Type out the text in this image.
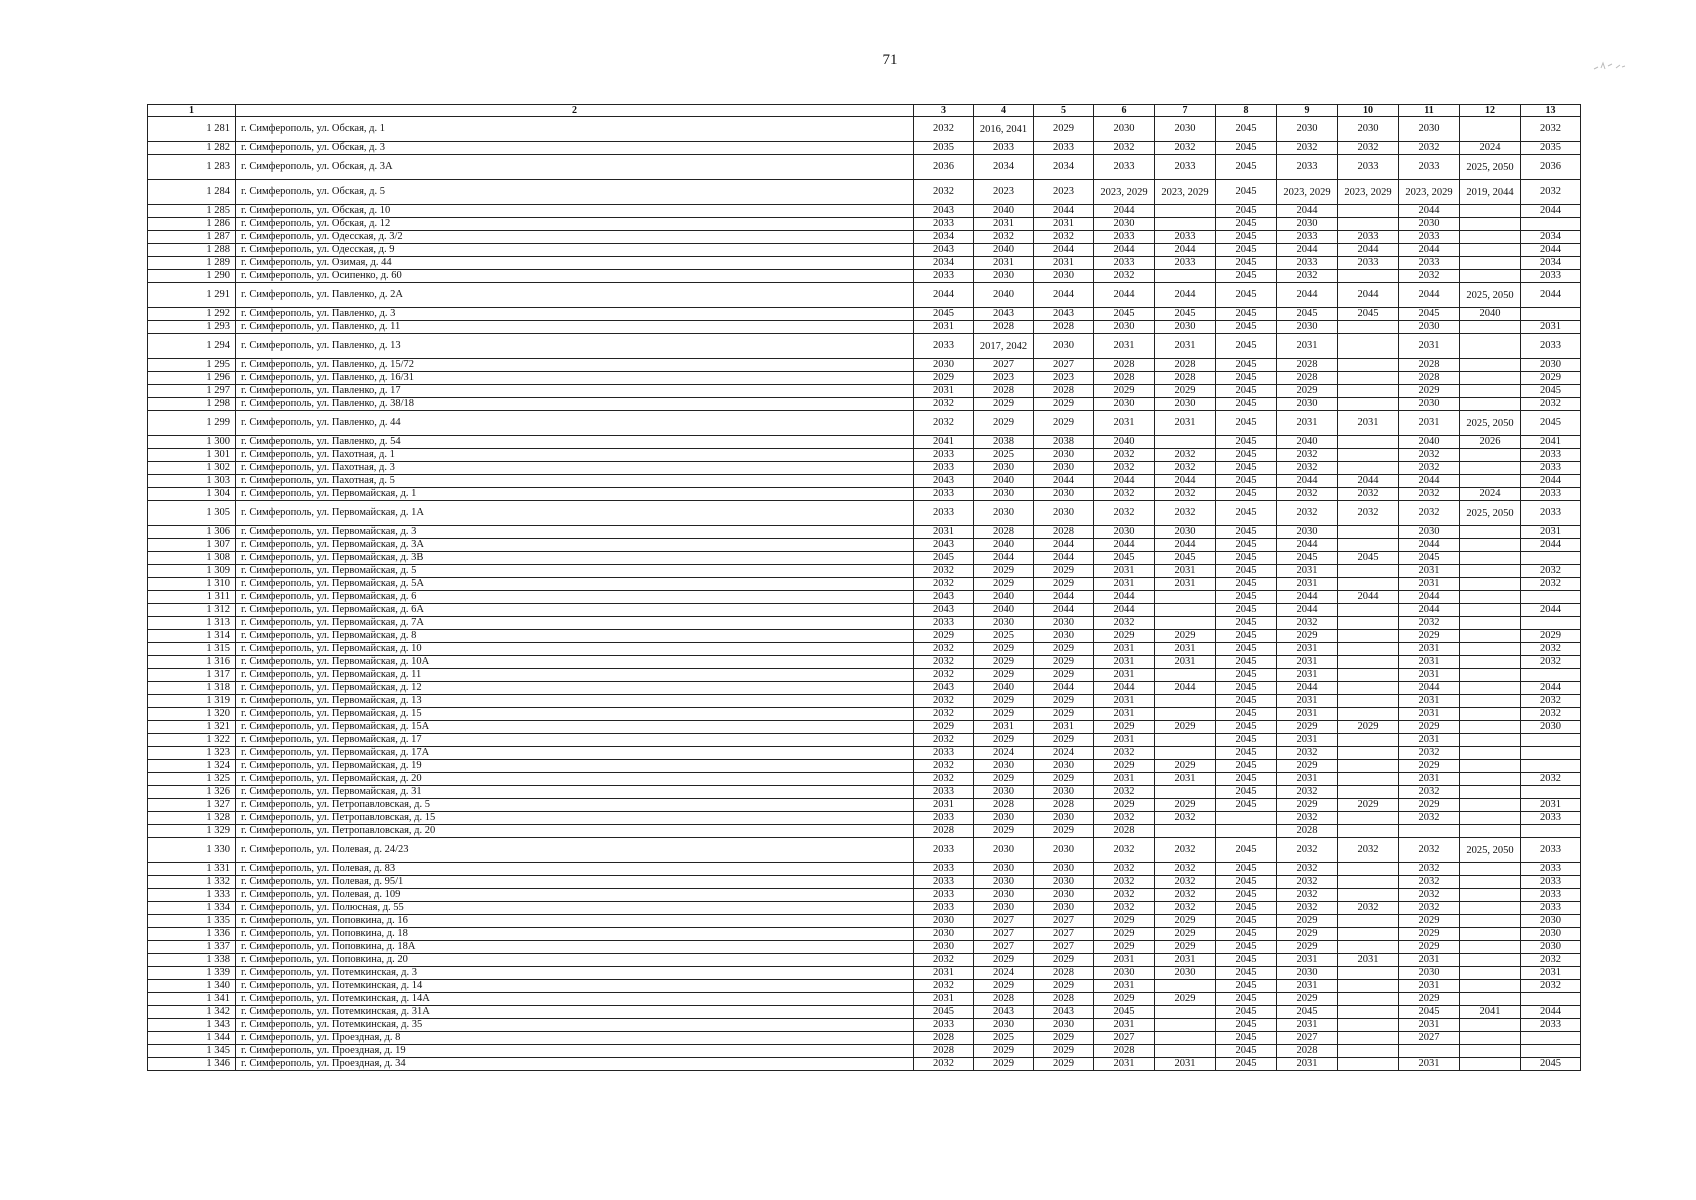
71
1	2	3	4	5	6	7	8	9	10	11	12	13
1 281	г. Симферополь, ул. Обская, д. 1	2032	2016, 2041	2029	2030	2030	2045	2030	2030	2030		2032
1 282	г. Симферополь, ул. Обская, д. 3	2035	2033	2033	2032	2032	2045	2032	2032	2032	2024	2035
1 283	г. Симферополь, ул. Обская, д. 3А	2036	2034	2034	2033	2033	2045	2033	2033	2033	2025, 2050	2036
1 284	г. Симферополь, ул. Обская, д. 5	2032	2023	2023	2023, 2029	2023, 2029	2045	2023, 2029	2023, 2029	2023, 2029	2019, 2044	2032
1 285	г. Симферополь, ул. Обская, д. 10	2043	2040	2044	2044		2045	2044		2044		2044
1 286	г. Симферополь, ул. Обская, д. 12	2033	2031	2031	2030		2045	2030		2030		
1 287	г. Симферополь, ул. Одесская, д. 3/2	2034	2032	2032	2033	2033	2045	2033	2033	2033		2034
1 288	г. Симферополь, ул. Одесская, д. 9	2043	2040	2044	2044	2044	2045	2044	2044	2044		2044
1 289	г. Симферополь, ул. Озимая, д. 44	2034	2031	2031	2033	2033	2045	2033	2033	2033		2034
1 290	г. Симферополь, ул. Осипенко, д. 60	2033	2030	2030	2032		2045	2032		2032		2033
1 291	г. Симферополь, ул. Павленко, д. 2А	2044	2040	2044	2044	2044	2045	2044	2044	2044	2025, 2050	2044
1 292	г. Симферополь, ул. Павленко, д. 3	2045	2043	2043	2045	2045	2045	2045	2045	2045	2040	
1 293	г. Симферополь, ул. Павленко, д. 11	2031	2028	2028	2030	2030	2045	2030		2030		2031
1 294	г. Симферополь, ул. Павленко, д. 13	2033	2017, 2042	2030	2031	2031	2045	2031		2031		2033
1 295	г. Симферополь, ул. Павленко, д. 15/72	2030	2027	2027	2028	2028	2045	2028		2028		2030
1 296	г. Симферополь, ул. Павленко, д. 16/31	2029	2023	2023	2028	2028	2045	2028		2028		2029
1 297	г. Симферополь, ул. Павленко, д. 17	2031	2028	2028	2029	2029	2045	2029		2029		2045
1 298	г. Симферополь, ул. Павленко, д. 38/18	2032	2029	2029	2030	2030	2045	2030		2030		2032
1 299	г. Симферополь, ул. Павленко, д. 44	2032	2029	2029	2031	2031	2045	2031	2031	2031	2025, 2050	2045
1 300	г. Симферополь, ул. Павленко, д. 54	2041	2038	2038	2040		2045	2040		2040	2026	2041
1 301	г. Симферополь, ул. Пахотная, д. 1	2033	2025	2030	2032	2032	2045	2032		2032		2033
1 302	г. Симферополь, ул. Пахотная, д. 3	2033	2030	2030	2032	2032	2045	2032		2032		2033
1 303	г. Симферополь, ул. Пахотная, д. 5	2043	2040	2044	2044	2044	2045	2044	2044	2044		2044
1 304	г. Симферополь, ул. Первомайская, д. 1	2033	2030	2030	2032	2032	2045	2032	2032	2032	2024	2033
1 305	г. Симферополь, ул. Первомайская, д. 1А	2033	2030	2030	2032	2032	2045	2032	2032	2032	2025, 2050	2033
1 306	г. Симферополь, ул. Первомайская, д. 3	2031	2028	2028	2030	2030	2045	2030		2030		2031
1 307	г. Симферополь, ул. Первомайская, д. 3А	2043	2040	2044	2044	2044	2045	2044		2044		2044
1 308	г. Симферополь, ул. Первомайская, д. 3В	2045	2044	2044	2045	2045	2045	2045	2045	2045		
1 309	г. Симферополь, ул. Первомайская, д. 5	2032	2029	2029	2031	2031	2045	2031		2031		2032
1 310	г. Симферополь, ул. Первомайская, д. 5А	2032	2029	2029	2031	2031	2045	2031		2031		2032
1 311	г. Симферополь, ул. Первомайская, д. 6	2043	2040	2044	2044		2045	2044	2044	2044		
1 312	г. Симферополь, ул. Первомайская, д. 6А	2043	2040	2044	2044		2045	2044		2044		2044
1 313	г. Симферополь, ул. Первомайская, д. 7А	2033	2030	2030	2032		2045	2032		2032		
1 314	г. Симферополь, ул. Первомайская, д. 8	2029	2025	2030	2029	2029	2045	2029		2029		2029
1 315	г. Симферополь, ул. Первомайская, д. 10	2032	2029	2029	2031	2031	2045	2031		2031		2032
1 316	г. Симферополь, ул. Первомайская, д. 10А	2032	2029	2029	2031	2031	2045	2031		2031		2032
1 317	г. Симферополь, ул. Первомайская, д. 11	2032	2029	2029	2031		2045	2031		2031		
1 318	г. Симферополь, ул. Первомайская, д. 12	2043	2040	2044	2044	2044	2045	2044		2044		2044
1 319	г. Симферополь, ул. Первомайская, д. 13	2032	2029	2029	2031		2045	2031		2031		2032
1 320	г. Симферополь, ул. Первомайская, д. 15	2032	2029	2029	2031		2045	2031		2031		2032
1 321	г. Симферополь, ул. Первомайская, д. 15А	2029	2031	2031	2029	2029	2045	2029	2029	2029		2030
1 322	г. Симферополь, ул. Первомайская, д. 17	2032	2029	2029	2031		2045	2031		2031		
1 323	г. Симферополь, ул. Первомайская, д. 17А	2033	2024	2024	2032		2045	2032		2032		
1 324	г. Симферополь, ул. Первомайская, д. 19	2032	2030	2030	2029	2029	2045	2029		2029		
1 325	г. Симферополь, ул. Первомайская, д. 20	2032	2029	2029	2031	2031	2045	2031		2031		2032
1 326	г. Симферополь, ул. Первомайская, д. 31	2033	2030	2030	2032		2045	2032		2032		
1 327	г. Симферополь, ул. Петропавловская, д. 5	2031	2028	2028	2029	2029	2045	2029	2029	2029		2031
1 328	г. Симферополь, ул. Петропавловская, д. 15	2033	2030	2030	2032	2032		2032		2032		2033
1 329	г. Симферополь, ул. Петропавловская, д. 20	2028	2029	2029	2028			2028				
1 330	г. Симферополь, ул. Полевая, д. 24/23	2033	2030	2030	2032	2032	2045	2032	2032	2032	2025, 2050	2033
1 331	г. Симферополь, ул. Полевая, д. 83	2033	2030	2030	2032	2032	2045	2032		2032		2033
1 332	г. Симферополь, ул. Полевая, д. 95/1	2033	2030	2030	2032	2032	2045	2032		2032		2033
1 333	г. Симферополь, ул. Полевая, д. 109	2033	2030	2030	2032	2032	2045	2032		2032		2033
1 334	г. Симферополь, ул. Полюсная, д. 55	2033	2030	2030	2032	2032	2045	2032	2032	2032		2033
1 335	г. Симферополь, ул. Поповкина, д. 16	2030	2027	2027	2029	2029	2045	2029		2029		2030
1 336	г. Симферополь, ул. Поповкина, д. 18	2030	2027	2027	2029	2029	2045	2029		2029		2030
1 337	г. Симферополь, ул. Поповкина, д. 18А	2030	2027	2027	2029	2029	2045	2029		2029		2030
1 338	г. Симферополь, ул. Поповкина, д. 20	2032	2029	2029	2031	2031	2045	2031	2031	2031		2032
1 339	г. Симферополь, ул. Потемкинская, д. 3	2031	2024	2028	2030	2030	2045	2030		2030		2031
1 340	г. Симферополь, ул. Потемкинская, д. 14	2032	2029	2029	2031		2045	2031		2031		2032
1 341	г. Симферополь, ул. Потемкинская, д. 14А	2031	2028	2028	2029	2029	2045	2029		2029		
1 342	г. Симферополь, ул. Потемкинская, д. 31А	2045	2043	2043	2045		2045	2045		2045	2041	2044
1 343	г. Симферополь, ул. Потемкинская, д. 35	2033	2030	2030	2031		2045	2031		2031		2033
1 344	г. Симферополь, ул. Проездная, д. 8	2028	2025	2029	2027		2045	2027		2027		
1 345	г. Симферополь, ул. Проездная, д. 19	2028	2029	2029	2028		2045	2028				
1 346	г. Симферополь, ул. Проездная, д. 34	2032	2029	2029	2031	2031	2045	2031		2031		2045
